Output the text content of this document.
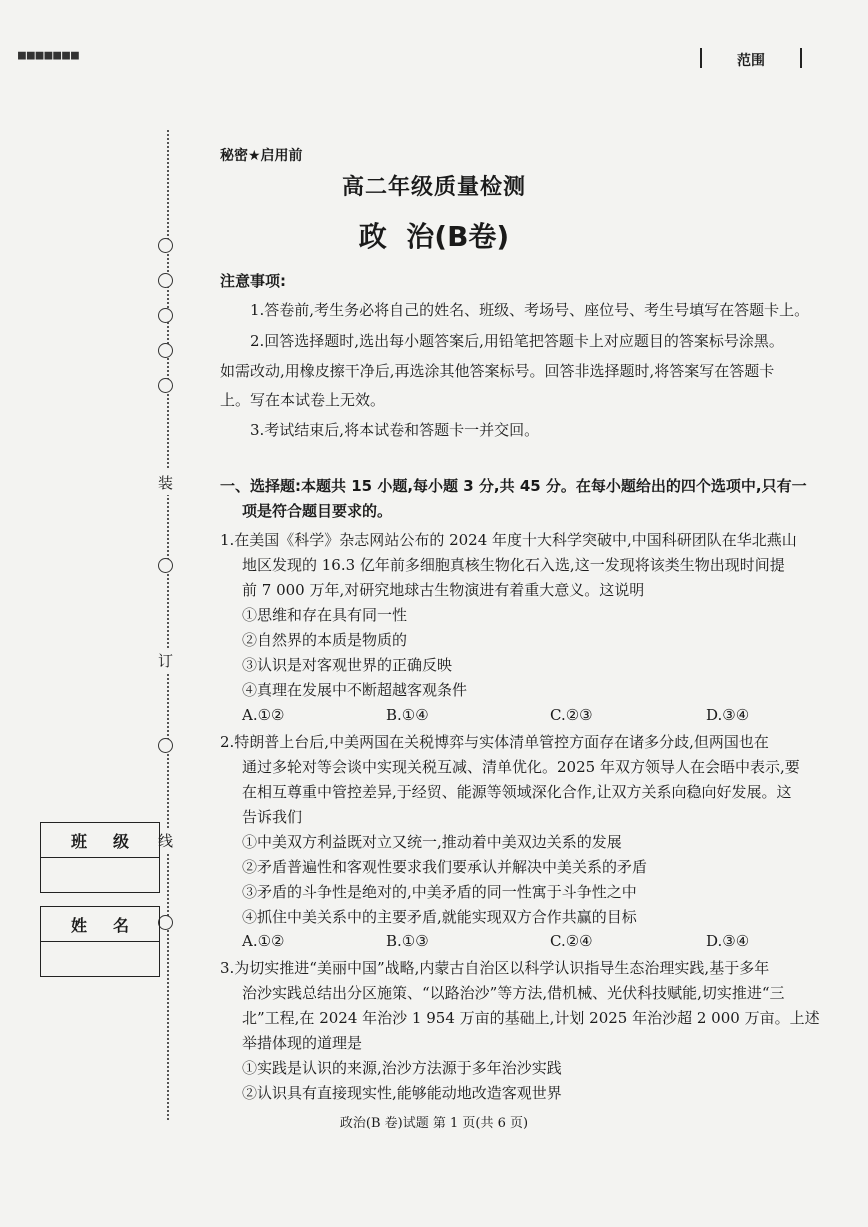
■■■■■■■	范围
装
订
线
班级
姓名
秘密★启用前
高二年级质量检测
政  治(B卷)
注意事项:
1.答卷前,考生务必将自己的姓名、班级、考场号、座位号、考生号填写在答题卡上。
2.回答选择题时,选出每小题答案后,用铅笔把答题卡上对应题目的答案标号涂黑。
如需改动,用橡皮擦干净后,再选涂其他答案标号。回答非选择题时,将答案写在答题卡
上。写在本试卷上无效。
3.考试结束后,将本试卷和答题卡一并交回。
一、选择题:本题共 15 小题,每小题 3 分,共 45 分。在每小题给出的四个选项中,只有一
项是符合题目要求的。
1.在美国《科学》杂志网站公布的 2024 年度十大科学突破中,中国科研团队在华北燕山
地区发现的 16.3 亿年前多细胞真核生物化石入选,这一发现将该类生物出现时间提
前 7 000 万年,对研究地球古生物演进有着重大意义。这说明
①思维和存在具有同一性
②自然界的本质是物质的
③认识是对客观世界的正确反映
④真理在发展中不断超越客观条件
A.①②	B.①④	C.②③	D.③④
2.特朗普上台后,中美两国在关税博弈与实体清单管控方面存在诸多分歧,但两国也在
通过多轮对等会谈中实现关税互减、清单优化。2025 年双方领导人在会晤中表示,要
在相互尊重中管控差异,于经贸、能源等领域深化合作,让双方关系向稳向好发展。这
告诉我们
①中美双方利益既对立又统一,推动着中美双边关系的发展
②矛盾普遍性和客观性要求我们要承认并解决中美关系的矛盾
③矛盾的斗争性是绝对的,中美矛盾的同一性寓于斗争性之中
④抓住中美关系中的主要矛盾,就能实现双方合作共赢的目标
A.①②	B.①③	C.②④	D.③④
3.为切实推进“美丽中国”战略,内蒙古自治区以科学认识指导生态治理实践,基于多年
治沙实践总结出分区施策、“以路治沙”等方法,借机械、光伏科技赋能,切实推进“三
北”工程,在 2024 年治沙 1 954 万亩的基础上,计划 2025 年治沙超 2 000 万亩。上述
举措体现的道理是
①实践是认识的来源,治沙方法源于多年治沙实践
②认识具有直接现实性,能够能动地改造客观世界
政治(B 卷)试题 第 1 页(共 6 页)
